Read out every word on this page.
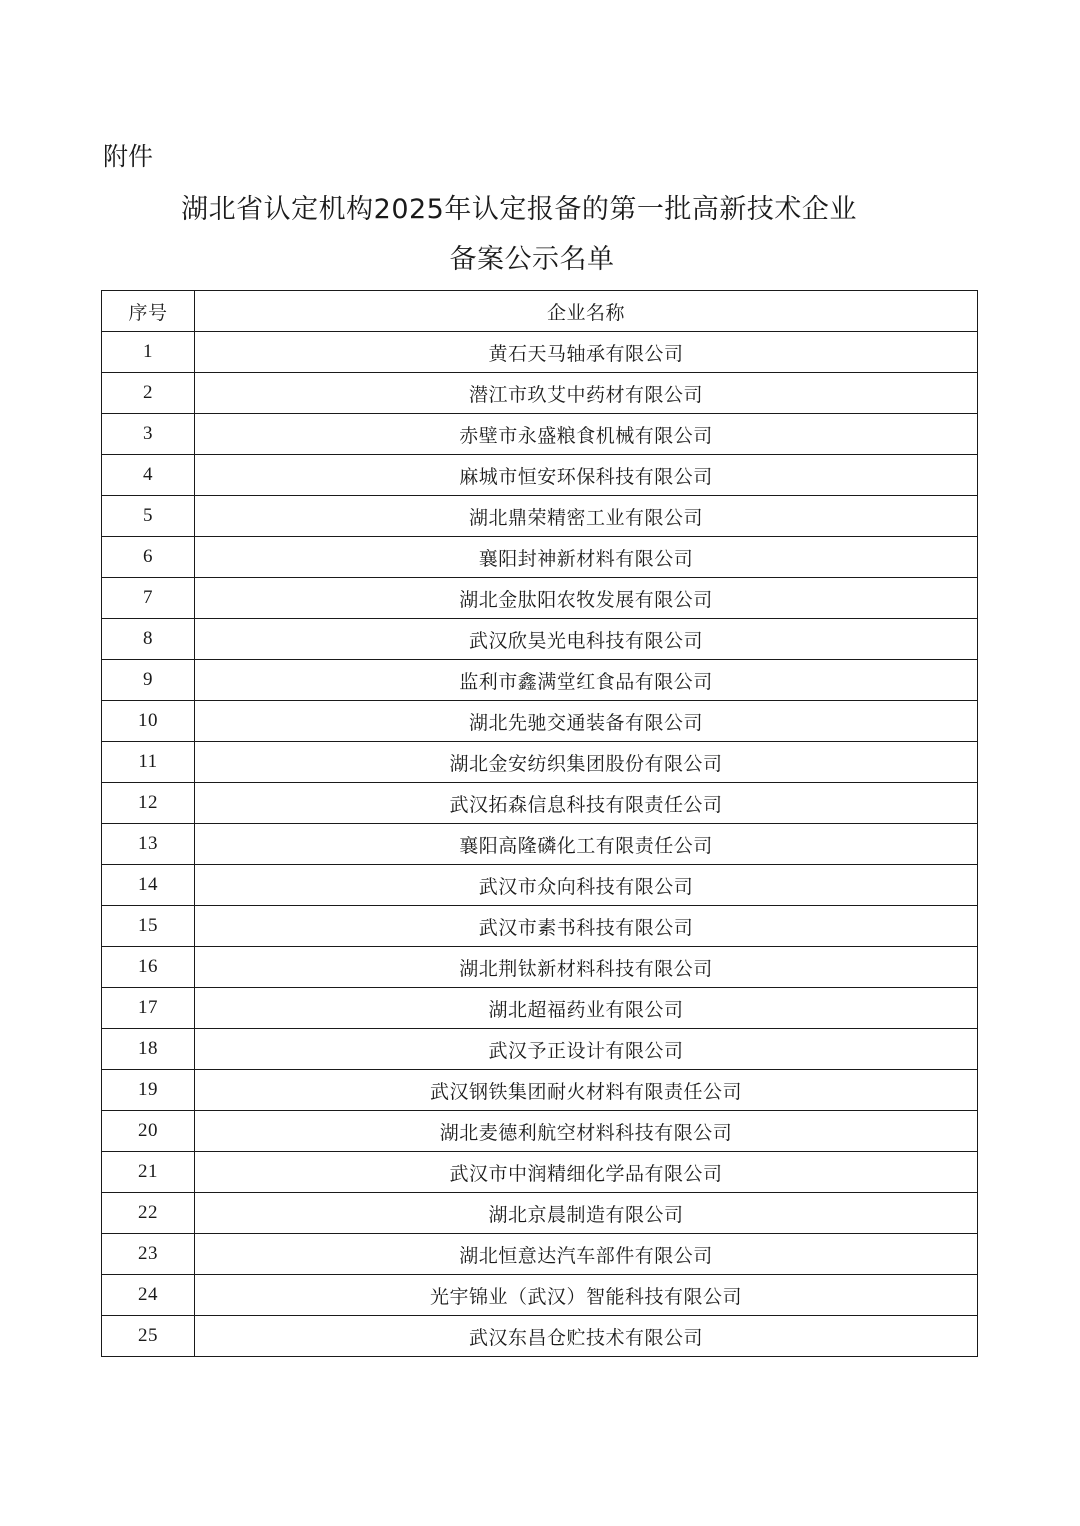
附件
湖北省认定机构2025年认定报备的第一批高新技术企业
备案公示名单
序号	企业名称
1	黄石天马轴承有限公司
2	潜江市玖艾中药材有限公司
3	赤壁市永盛粮食机械有限公司
4	麻城市恒安环保科技有限公司
5	湖北鼎荣精密工业有限公司
6	襄阳封神新材料有限公司
7	湖北金肽阳农牧发展有限公司
8	武汉欣昊光电科技有限公司
9	监利市鑫满堂红食品有限公司
10	湖北先驰交通装备有限公司
11	湖北金安纺织集团股份有限公司
12	武汉拓森信息科技有限责任公司
13	襄阳高隆磷化工有限责任公司
14	武汉市众向科技有限公司
15	武汉市素书科技有限公司
16	湖北荆钛新材料科技有限公司
17	湖北超福药业有限公司
18	武汉予正设计有限公司
19	武汉钢铁集团耐火材料有限责任公司
20	湖北麦德利航空材料科技有限公司
21	武汉市中润精细化学品有限公司
22	湖北京晨制造有限公司
23	湖北恒意达汽车部件有限公司
24	光宇锦业（武汉）智能科技有限公司
25	武汉东昌仓贮技术有限公司
